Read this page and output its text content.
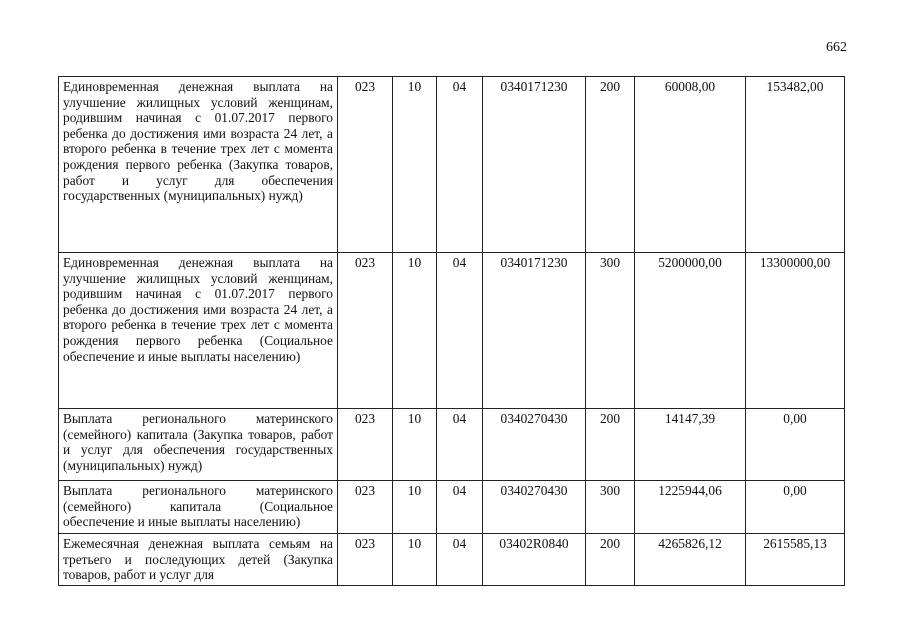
662
Единовременная денежная выплата на улучшение жилищных условий женщинам, родившим начиная с 01.07.2017 первого ребенка до достижения ими возраста 24 лет, а второго ребенка в течение трех лет с момента рождения первого ребенка (Закупка товаров, работ и услуг для обеспечения государственных (муниципальных) нужд)	023	10	04	0340171230	200	60008,00	153482,00
Единовременная денежная выплата на улучшение жилищных условий женщинам, родившим начиная с 01.07.2017 первого ребенка до достижения ими возраста 24 лет, а второго ребенка в течение трех лет с момента рождения первого ребенка (Социальное обеспечение и иные выплаты населению)	023	10	04	0340171230	300	5200000,00	13300000,00
Выплата регионального материнского (семейного) капитала (Закупка товаров, работ и услуг для обеспечения государственных (муниципальных) нужд)	023	10	04	0340270430	200	14147,39	0,00
Выплата регионального материнского (семейного) капитала (Социальное обеспечение и иные выплаты населению)	023	10	04	0340270430	300	1225944,06	0,00
Ежемесячная денежная выплата семьям на третьего и последующих детей (Закупка товаров, работ и услуг для	023	10	04	03402R0840	200	4265826,12	2615585,13
